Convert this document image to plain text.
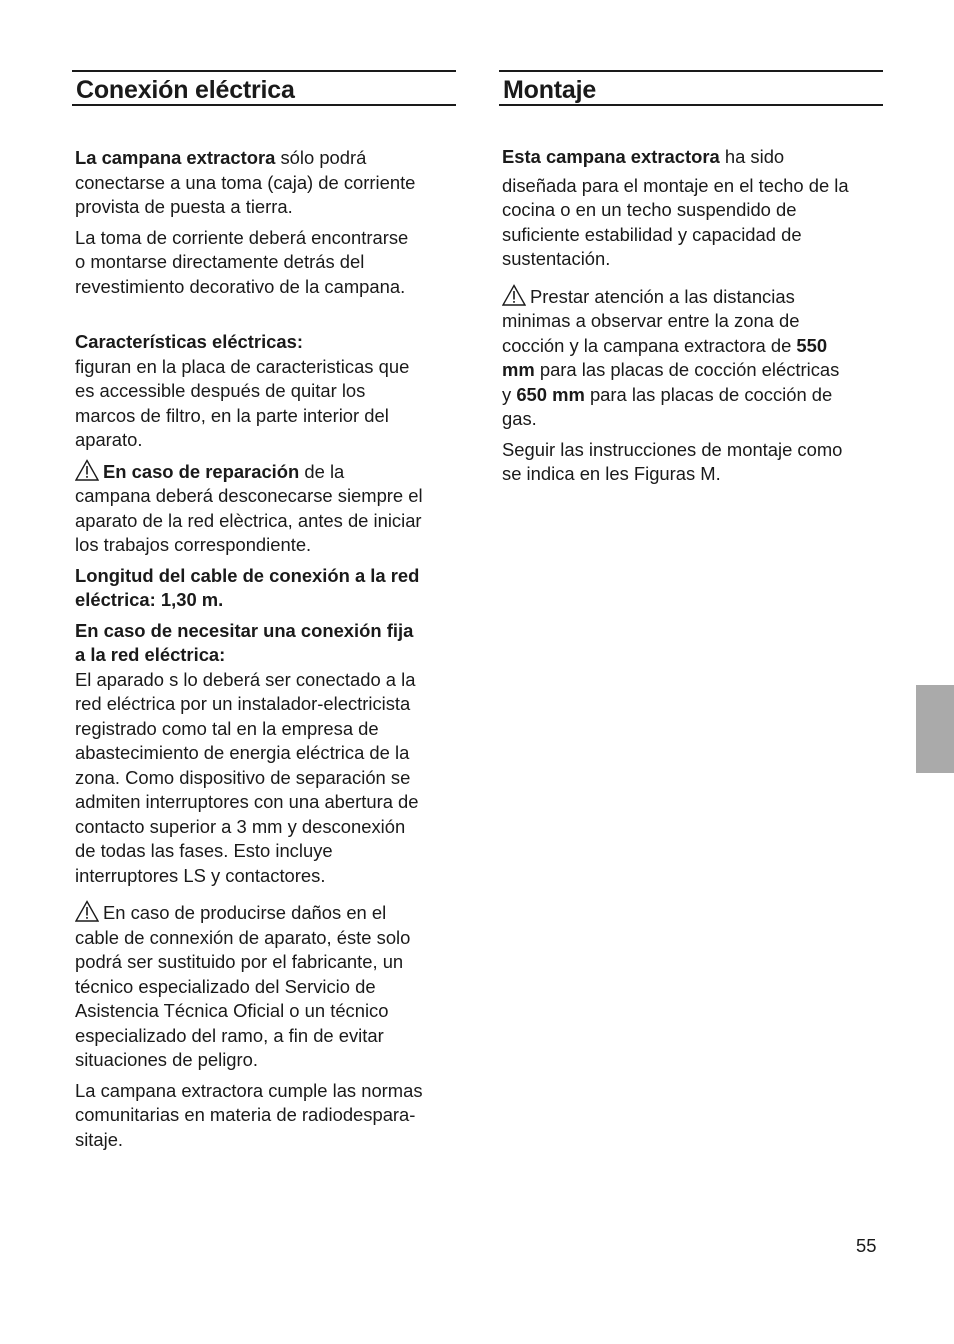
Conexión eléctrica

La campana extractora sólo podrá
conectarse a una toma (caja) de corriente
provista de puesta a tierra.

La toma de corriente deberá encontrarse
o montarse directamente detrás del
revestimiento decorativo de la campana.

Características eléctricas:
figuran en la placa de caracteristicas que
es accessible después de quitar los
marcos de filtro, en la parte interior del
aparato.

En caso de reparación de la
campana deberá desconecarse siempre el
aparato de la red elèctrica, antes de iniciar
los trabajos correspondiente.

Longitud del cable de conexión a la red
eléctrica: 1,30 m.

En caso de necesitar una conexión fija
a la red eléctrica:
El aparado s lo deberá ser conectado a la
red eléctrica por un instalador-electricista
registrado como tal en la empresa de
abastecimiento de energia eléctrica de la
zona. Como dispositivo de separación se
admiten interruptores con una abertura de
contacto superior a 3 mm y desconexión
de todas las fases. Esto incluye
interruptores LS y contactores.

En caso de producirse daños en el
cable de connexión de aparato, éste solo
podrá ser sustituido por el fabricante, un
técnico especializado del Servicio de
Asistencia Técnica Oficial o un técnico
especializado del ramo, a fin de evitar
situaciones de peligro.

La campana extractora cumple las normas
comunitarias en materia de radiodespara-
sitaje.

Montaje

Esta campana extractora ha sido

diseñada para el montaje en el techo de la
cocina o en un techo suspendido de
suficiente estabilidad y capacidad de
sustentación.

Prestar atención a las distancias
minimas a observar entre la zona de
cocción y la campana extractora de 550
mm para las placas de cocción eléctricas
y 650 mm para las placas de cocción de
gas.

Seguir las instrucciones de montaje como
se indica en les Figuras M.

55
